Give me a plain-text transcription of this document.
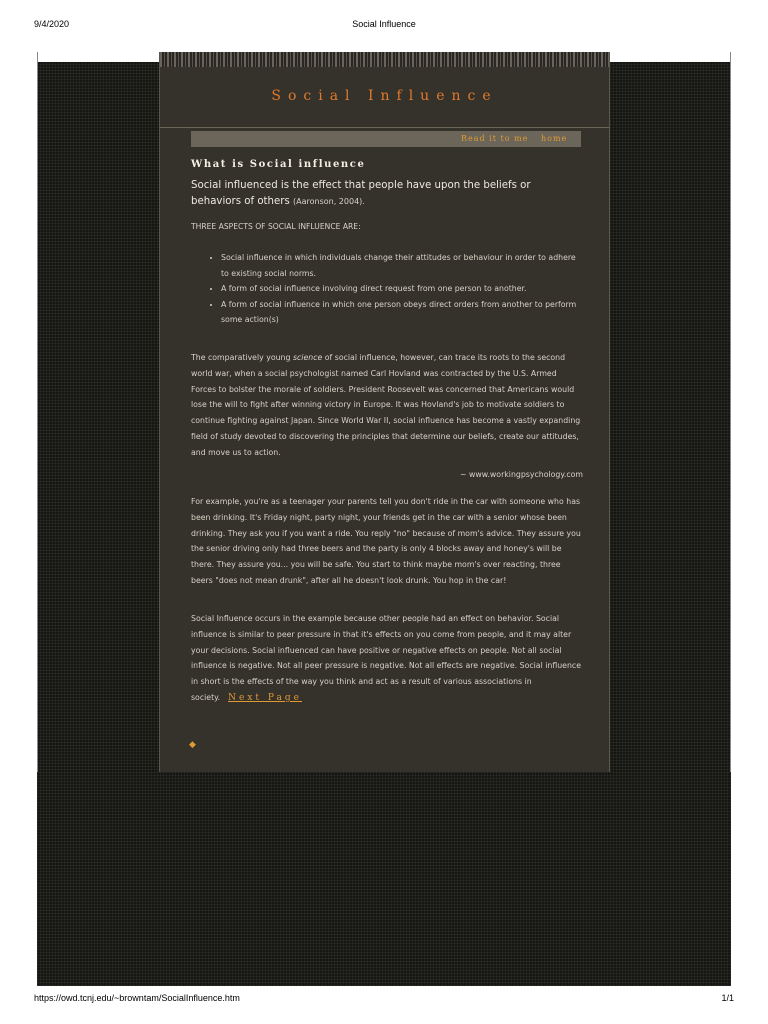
9/4/2020	Social Influence
Social Influence
Read it to me home
What is Social influence
Social influenced is the effect that people have upon the beliefs or behaviors of others (Aaronson, 2004).
THREE ASPECTS OF SOCIAL INFLUENCE ARE:
• Social influence in which individuals change their attitudes or behaviour in order to adhere to existing social norms.
• A form of social influence involving direct request from one person to another.
• A form of social influence in which one person obeys direct orders from another to perform some action(s)
The comparatively young science of social influence, however, can trace its roots to the second world war, when a social psychologist named Carl Hovland was contracted by the U.S. Armed Forces to bolster the morale of soldiers. President Roosevelt was concerned that Americans would lose the will to fight after winning victory in Europe. It was Hovland's job to motivate soldiers to continue fighting against Japan. Since World War II, social influence has become a vastly expanding field of study devoted to discovering the principles that determine our beliefs, create our attitudes, and move us to action.
~ www.workingpsychology.com
For example, you're as a teenager your parents tell you don't ride in the car with someone who has been drinking. It's Friday night, party night, your friends get in the car with a senior whose been drinking. They ask you if you want a ride. You reply "no" because of mom's advice. They assure you the senior driving only had three beers and the party is only 4 blocks away and honey's will be there. They assure you... you will be safe. You start to think maybe mom's over reacting, three beers "does not mean drunk", after all he doesn't look drunk. You hop in the car!
Social Influence occurs in the example because other people had an effect on behavior. Social influence is similar to peer pressure in that it's effects on you come from people, and it may alter your decisions. Social influenced can have positive or negative effects on people. Not all social influence is negative. Not all peer pressure is negative. Not all effects are negative. Social influence in short is the effects of the way you think and act as a result of various associations in society. Next Page
◆
https://owd.tcnj.edu/~browntam/SocialInfluence.htm	1/1
